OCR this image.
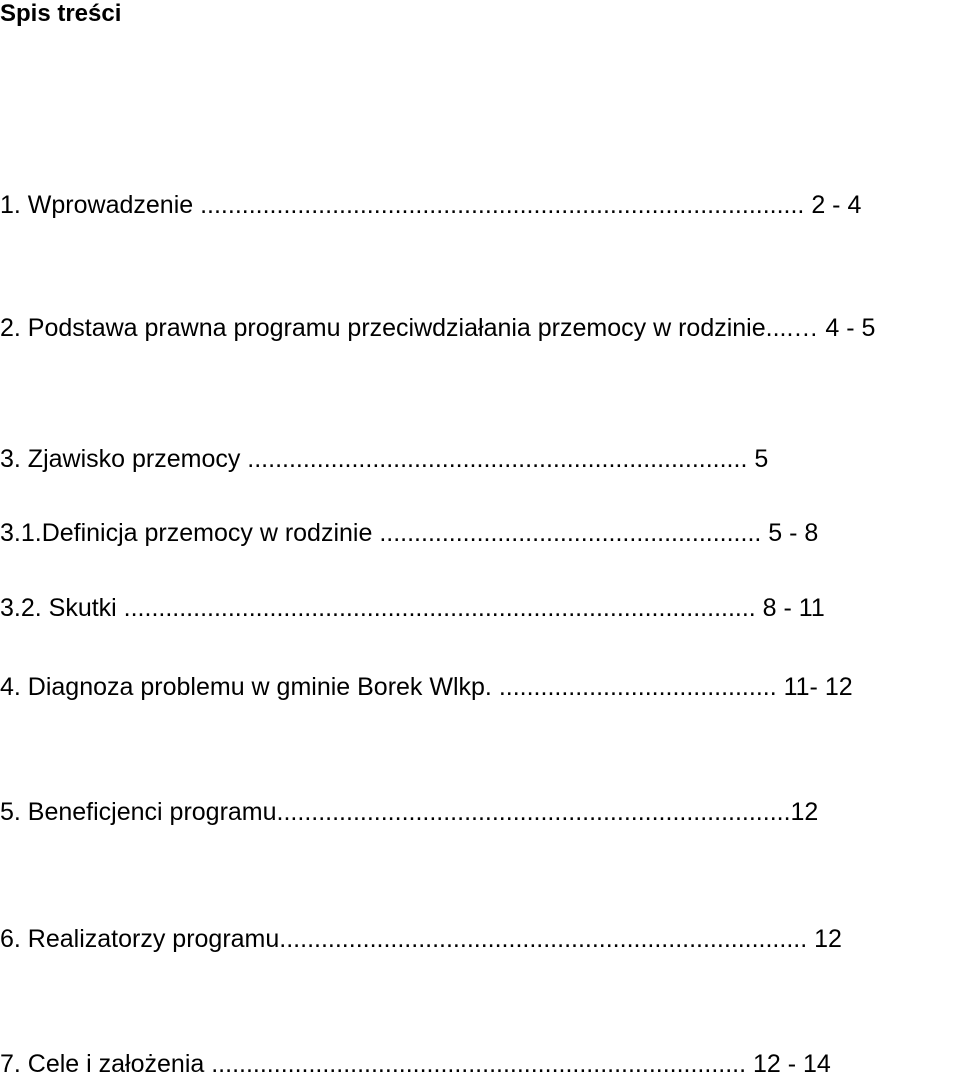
Spis treści
1. Wprowadzenie ....................................................................................... 2 - 4
2. Podstawa prawna programu przeciwdziałania przemocy w rodzinie....… 4 - 5
3. Zjawisko przemocy ........................................................................ 5
3.1.Definicja przemocy w rodzinie ....................................................... 5 - 8
3.2. Skutki ........................................................................................... 8 - 11
4. Diagnoza problemu w gminie Borek Wlkp. ........................................ 11- 12
5. Beneficjenci programu..........................................................................12
6. Realizatorzy programu............................................................................ 12
7. Cele i założenia ............................................................................. 12 - 14
